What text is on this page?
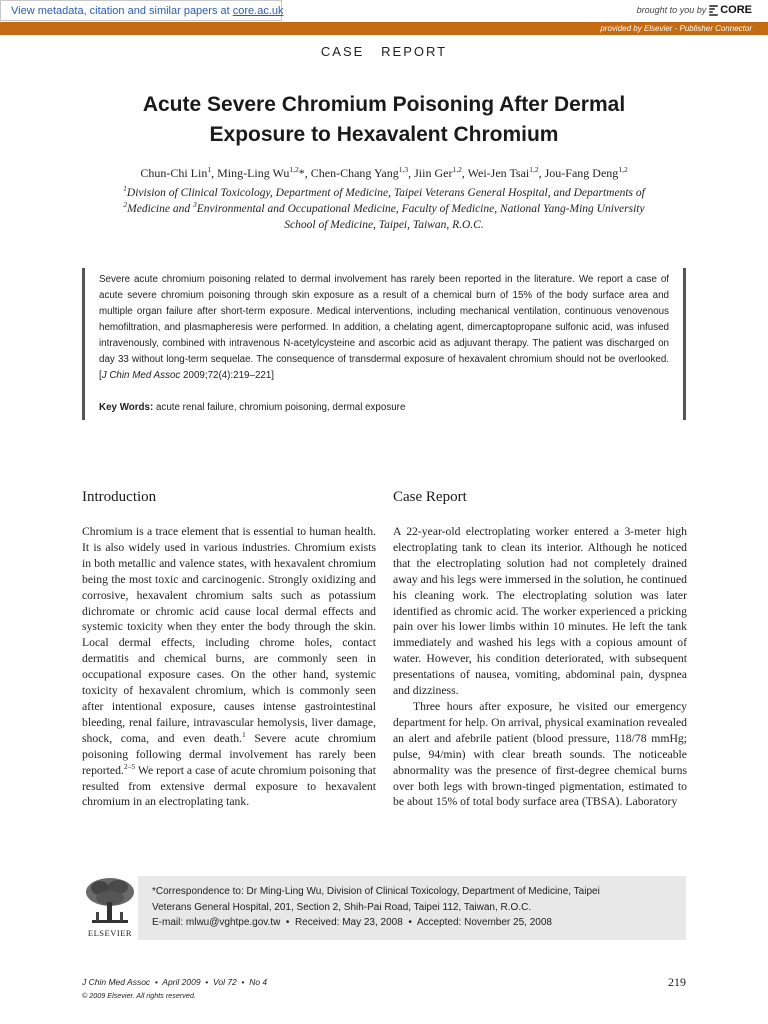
View metadata, citation and similar papers at core.ac.uk	brought to you by CORE
provided by Elsevier - Publisher Connector
CASE   REPORT
Acute Severe Chromium Poisoning After Dermal
Exposure to Hexavalent Chromium
Chun-Chi Lin$^1$, Ming-Ling Wu$^{1,2}$*, Chen-Chang Yang$^{1,3}$, Jiin Ger$^{1,2}$, Wei-Jen Tsai$^{1,2}$, Jou-Fang Deng$^{1,2}$
$^1$Division of Clinical Toxicology, Department of Medicine, Taipei Veterans General Hospital, and Departments of
$^2$Medicine and $^3$Environmental and Occupational Medicine, Faculty of Medicine, National Yang-Ming University
School of Medicine, Taipei, Taiwan, R.O.C.

Severe acute chromium poisoning related to dermal involvement has rarely been reported in the literature. We report a case of acute severe chromium poisoning through skin exposure as a result of a chemical burn of 15% of the body surface area and multiple organ failure after short-term exposure. Medical interventions, including mechanical ventilation, continuous venovenous hemofiltration, and plasmapheresis were performed. In addition, a chelating agent, dimercaptopropane sulfonic acid, was infused intravenously, combined with intravenous N-acetylcysteine and ascorbic acid as adjuvant therapy. The patient was discharged on day 33 without long-term sequelae. The consequence of transdermal exposure of hexavalent chromium should not be overlooked. [J Chin Med Assoc 2009;72(4):219–221]

Key Words: acute renal failure, chromium poisoning, dermal exposure
Introduction	Case Report

Chromium is a trace element that is essential to human health. It is also widely used in various industries. Chromium exists in both metallic and valence states, with hexavalent chromium being the most toxic and carcinogenic. Strongly oxidizing and corrosive, hexavalent chromium salts such as potassium dichromate or chromic acid cause local dermal effects and systemic toxicity when they enter the body through the skin. Local dermal effects, including chrome holes, contact dermatitis and chemical burns, are commonly seen in occupational exposure cases. On the other hand, systemic toxicity of hexavalent chromium, which is commonly seen after intentional exposure, causes intense gastrointestinal bleeding, renal failure, intravascular hemolysis, liver damage, shock, coma, and even death.$^1$ Severe acute chromium poisoning following dermal involvement has rarely been reported.$^{2-5}$ We report a case of acute chromium poisoning that resulted from extensive dermal exposure to hexavalent chromium in an electroplating tank.

A 22-year-old electroplating worker entered a 3-meter high electroplating tank to clean its interior. Although he noticed that the electroplating solution had not completely drained away and his legs were immersed in the solution, he continued his cleaning work. The electroplating solution was later identified as chromic acid. The worker experienced a pricking pain over his lower limbs within 10 minutes. He left the tank immediately and washed his legs with a copious amount of water. However, his condition deteriorated, with subsequent presentations of nausea, vomiting, abdominal pain, dyspnea and dizziness.

Three hours after exposure, he visited our emergency department for help. On arrival, physical examination revealed an alert and afebrile patient (blood pressure, 118/78 mmHg; pulse, 94/min) with clear breath sounds. The noticeable abnormality was the presence of first-degree chemical burns over both legs with brown-tinged pigmentation, estimated to be about 15% of total body surface area (TBSA). Laboratory

ELSEVIER
*Correspondence to: Dr Ming-Ling Wu, Division of Clinical Toxicology, Department of Medicine, Taipei
Veterans General Hospital, 201, Section 2, Shih-Pai Road, Taipei 112, Taiwan, R.O.C.
E-mail: mlwu@vghtpe.gov.tw  •  Received: May 23, 2008  •  Accepted: November 25, 2008
J Chin Med Assoc  •  April 2009  •  Vol 72  •  No 4
© 2009 Elsevier. All rights reserved.
219
